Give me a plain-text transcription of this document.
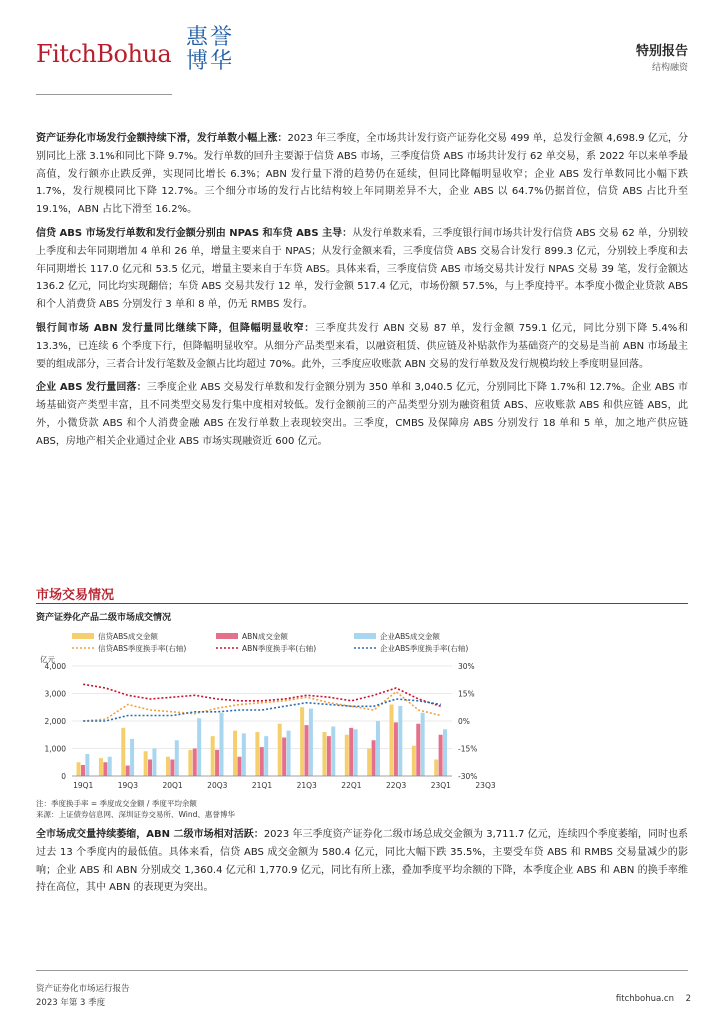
FitchBohua
惠誉博华	特别报告
结构融资

资产证券化市场发行金额持续下滑，发行单数小幅上涨：2023 年三季度，全市场共计发行资产证券化交易 499 单，总发行金额 4,698.9 亿元，分别同比上涨 3.1%和同比下降 9.7%。发行单数的回升主要源于信贷 ABS 市场，三季度信贷 ABS 市场共计发行 62 单交易，系 2022 年以来单季最高值，发行额亦止跌反弹，实现同比增长 6.3%；ABN 发行量下滑的趋势仍在延续，但同比降幅明显收窄；企业 ABS 发行单数同比小幅下跌 1.7%，发行规模同比下降 12.7%。三个细分市场的发行占比结构较上年同期差异不大，企业 ABS 以 64.7%仍据首位，信贷 ABS 占比升至 19.1%，ABN 占比下滑至 16.2%。

信贷 ABS 市场发行单数和发行金额分别由 NPAS 和车贷 ABS 主导：从发行单数来看，三季度银行间市场共计发行信贷 ABS 交易 62 单，分别较上季度和去年同期增加 4 单和 26 单，增量主要来自于 NPAS；从发行金额来看，三季度信贷 ABS 交易合计发行 899.3 亿元，分别较上季度和去年同期增长 117.0 亿元和 53.5 亿元，增量主要来自于车贷 ABS。具体来看，三季度信贷 ABS 市场交易共计发行 NPAS 交易 39 笔，发行金额达 136.2 亿元，同比均实现翻倍；车贷 ABS 交易共发行 12 单，发行金额 517.4 亿元，市场份额 57.5%，与上季度持平。本季度小微企业贷款 ABS 和个人消费贷 ABS 分别发行 3 单和 8 单，仍无 RMBS 发行。

银行间市场 ABN 发行量同比继续下降，但降幅明显收窄：三季度共发行 ABN 交易 87 单，发行金额 759.1 亿元，同比分别下降 5.4%和 13.3%，已连续 6 个季度下行，但降幅明显收窄。从细分产品类型来看，以融资租赁、供应链及补贴款作为基础资产的交易是当前 ABN 市场最主要的组成部分，三者合计发行笔数及金额占比均超过 70%。此外，三季度应收账款 ABN 交易的发行单数及发行规模均较上季度明显回落。

企业 ABS 发行量回落：三季度企业 ABS 交易发行单数和发行金额分别为 350 单和 3,040.5 亿元，分别同比下降 1.7%和 12.7%。企业 ABS 市场基础资产类型丰富，且不同类型交易发行集中度相对较低。发行金额前三的产品类型分别为融资租赁 ABS、应收账款 ABS 和供应链 ABS，此外，小微贷款 ABS 和个人消费金融 ABS 在发行单数上表现较突出。三季度，CMBS 及保障房 ABS 分别发行 18 单和 5 单，加之地产供应链 ABS，房地产相关企业通过企业 ABS 市场实现融资近 600 亿元。

市场交易情况
信贷ABS成交金额	ABN成交金额	企业ABS成交金额
信贷ABS季度换手率(右轴)	ABN季度换手率(右轴)	企业ABS季度换手率(右轴)
亿元
4,000
3,000
2,000
1,000
0
30%
15%
0%
-15%
-30%
19Q1	19Q3	20Q1	20Q3	21Q1	21Q3	22Q1	22Q3	23Q1	23Q3
资产证券化产品二级市场成交情况
注：季度换手率 = 季度成交金额 / 季度平均余额
来源：上证债券信息网、深圳证券交易所、Wind、惠誉博华

全市场成交量持续萎缩，ABN 二级市场相对活跃：2023 年三季度资产证券化二级市场总成交金额为 3,711.7 亿元，连续四个季度萎缩，同时也系过去 13 个季度内的最低值。具体来看，信贷 ABS 成交金额为 580.4 亿元，同比大幅下跌 35.5%，主要受车贷 ABS 和 RMBS 交易量减少的影响；企业 ABS 和 ABN 分别成交 1,360.4 亿元和 1,770.9 亿元，同比有所上涨，叠加季度平均余额的下降，本季度企业 ABS 和 ABN 的换手率维持在高位，其中 ABN 的表现更为突出。

资产证券化市场运行报告
2023 年第 3 季度	fitchbohua.cn 2
